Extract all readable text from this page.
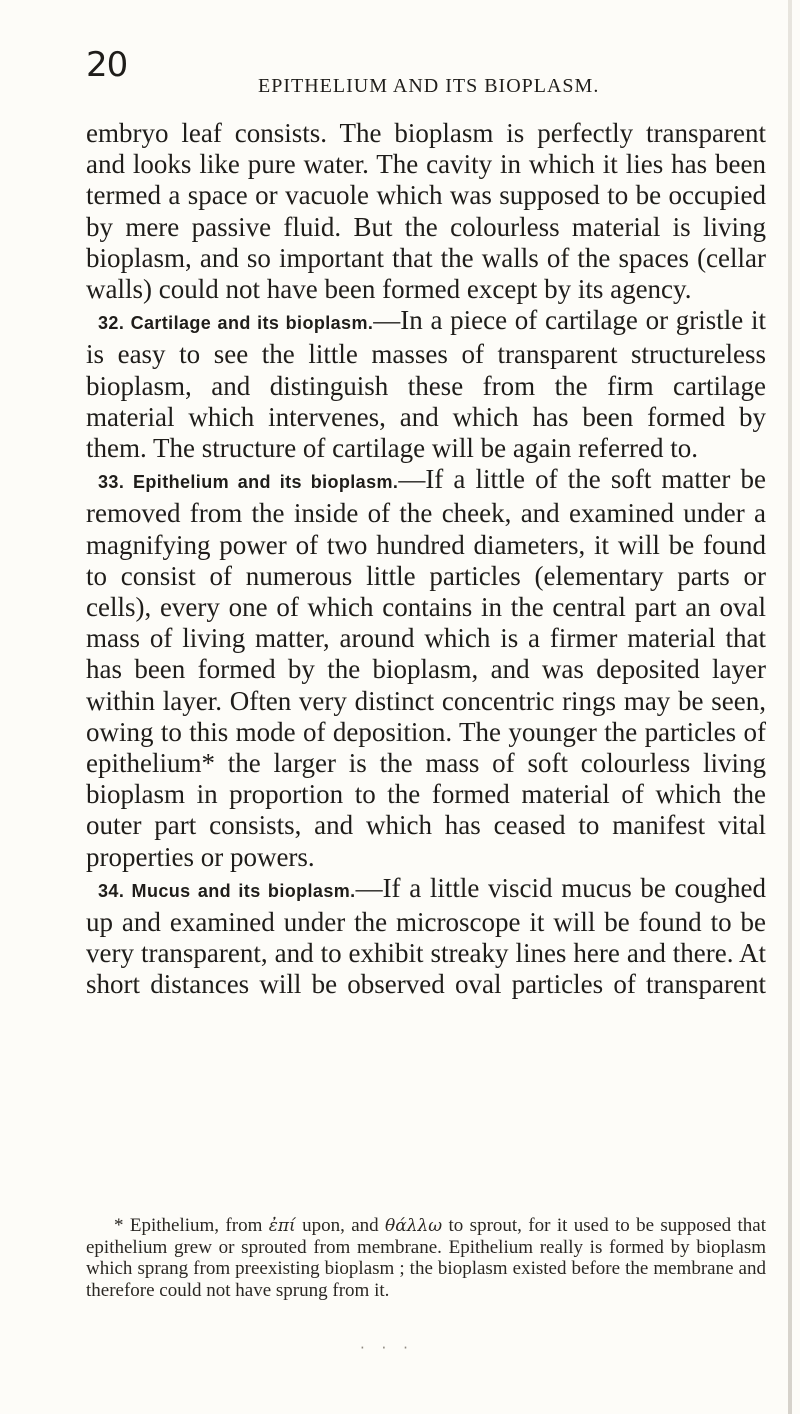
20
EPITHELIUM AND ITS BIOPLASM.

embryo leaf consists. The bioplasm is perfectly transparent and looks like pure water. The cavity in which it lies has been termed a space or vacuole which was supposed to be occupied by mere passive fluid. But the colourless material is living bioplasm, and so important that the walls of the spaces (cellar walls) could not have been formed except by its agency.

32. Cartilage and its bioplasm.—In a piece of cartilage or gristle it is easy to see the little masses of transparent structureless bioplasm, and distinguish these from the firm cartilage material which intervenes, and which has been formed by them. The structure of cartilage will be again referred to.

33. Epithelium and its bioplasm.—If a little of the soft matter be removed from the inside of the cheek, and examined under a magnifying power of two hundred diameters, it will be found to consist of numerous little particles (elementary parts or cells), every one of which contains in the central part an oval mass of living matter, around which is a firmer material that has been formed by the bioplasm, and was deposited layer within layer. Often very distinct concentric rings may be seen, owing to this mode of deposition. The younger the particles of epithelium* the larger is the mass of soft colourless living bioplasm in proportion to the formed material of which the outer part consists, and which has ceased to manifest vital properties or powers.

34. Mucus and its bioplasm.—If a little viscid mucus be coughed up and examined under the microscope it will be found to be very transparent, and to exhibit streaky lines here and there. At short distances will be observed oval particles of transparent

* Epithelium, from ἐπί upon, and θάλλω to sprout, for it used to be supposed that epithelium grew or sprouted from membrane. Epithelium really is formed by bioplasm which sprang from preexisting bioplasm ; the bioplasm existed before the membrane and therefore could not have sprung from it.

· · ·
